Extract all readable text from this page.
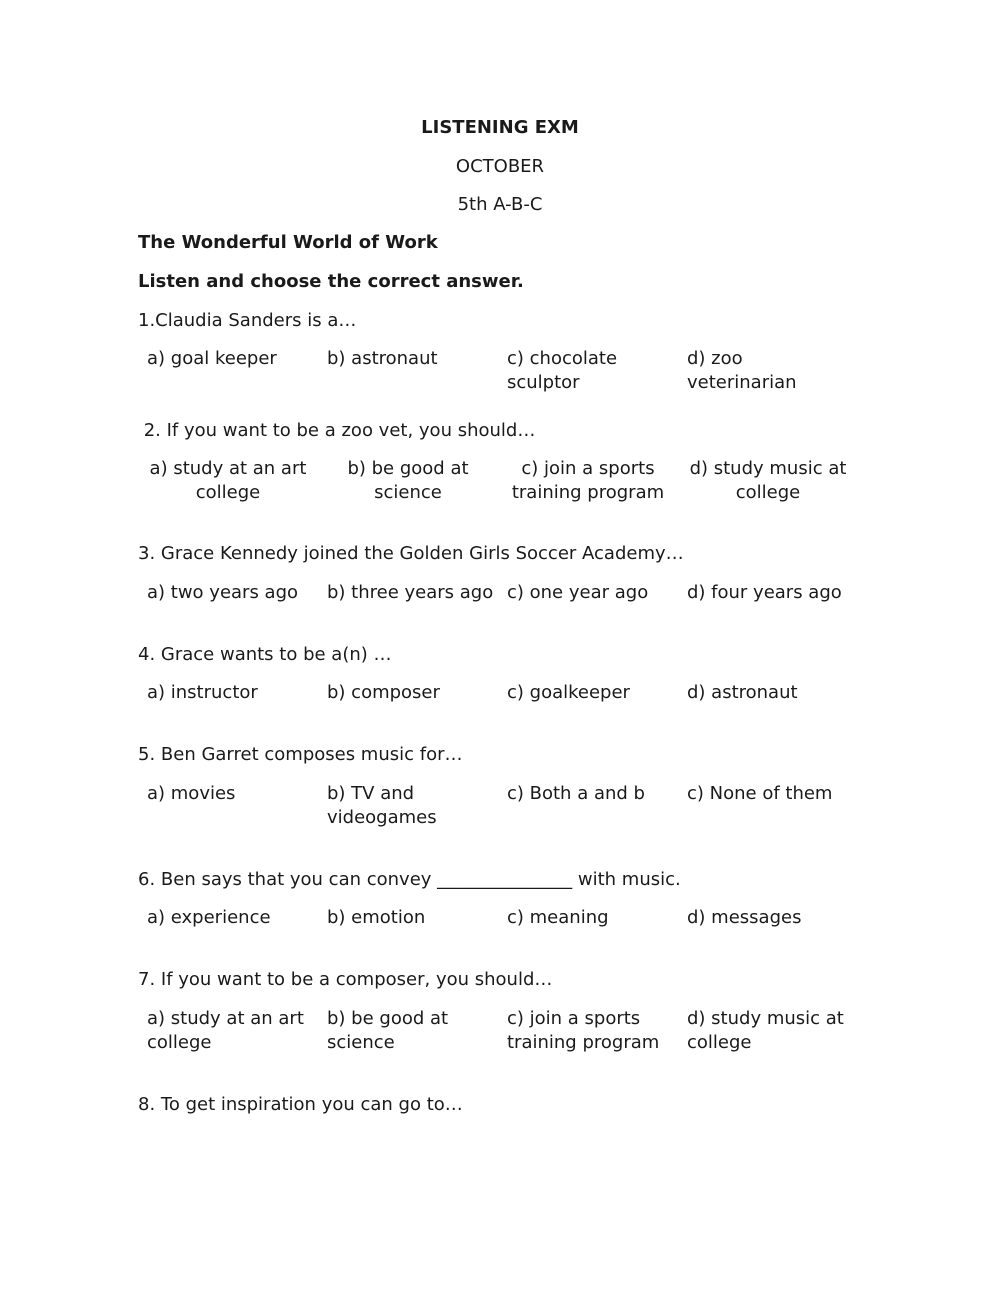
LISTENING EXM
OCTOBER
5th A-B-C
The Wonderful World of Work
Listen and choose the correct answer.
1.Claudia Sanders is a…
a) goal keeper	b) astronaut	c) chocolate sculptor
d) zoo veterinarian
2. If you want to be a zoo vet, you should…
a) study at an art college
b) be good at science
c) join a sports training program
d) study music at college
3. Grace Kennedy joined the Golden Girls Soccer Academy…
a) two years ago b) three years ago c) one year ago d) four years ago
4. Grace wants to be a(n) …
a) instructor	b) composer	c) goalkeeper	d) astronaut
5. Ben Garret composes music for…
a) movies	b) TV and videogames
c) Both a and b	c) None of them
6. Ben says that you can convey _______________ with music.
a) experience	b) emotion	c) meaning	d) messages
7. If you want to be a composer, you should…
a) study at an art college
b) be good at science
c) join a sports training program
d) study music at college
8. To get inspiration you can go to…
